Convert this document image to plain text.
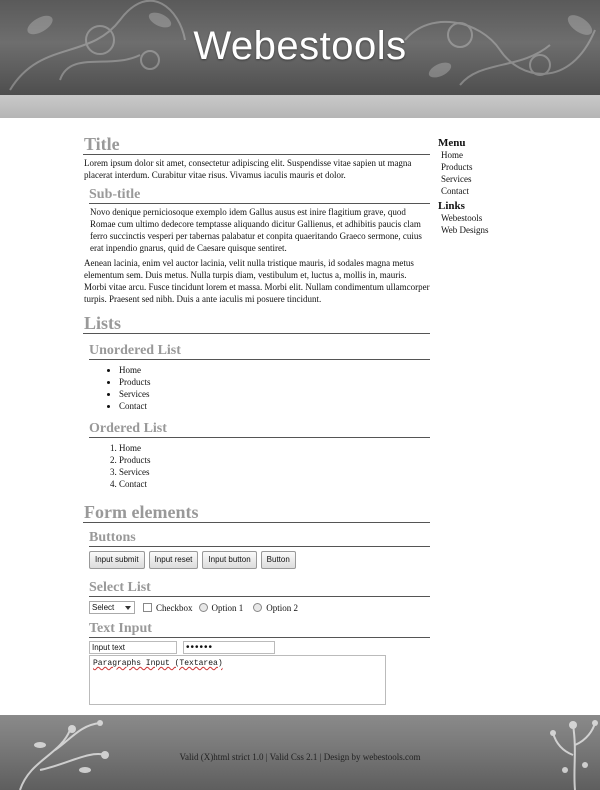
Webestools
Title

Lorem ipsum dolor sit amet, consectetur adipiscing elit. Suspendisse vitae sapien ut magna placerat interdum. Curabitur vitae risus. Vivamus iaculis mauris et dolor.

Sub-title

Novo denique perniciosoque exemplo idem Gallus ausus est inire flagitium grave, quod Romae cum ultimo dedecore temptasse aliquando dicitur Gallienus, et adhibitis paucis clam ferro succinctis vesperi per tabernas palabatur et conpita quaeritando Graeco sermone, cuius erat inpendio gnarus, quid de Caesare quisque sentiret.

Aenean lacinia, enim vel auctor lacinia, velit nulla tristique mauris, id sodales magna metus elementum sem. Duis metus. Nulla turpis diam, vestibulum et, luctus a, mollis in, mauris. Morbi vitae arcu. Fusce tincidunt lorem et massa. Morbi elit. Nullam condimentum ullamcorper turpis. Praesent sed nibh. Duis a ante iaculis mi posuere tincidunt.

Lists
Unordered List
• Home
• Products
• Services
• Contact
Ordered List
1. Home
2. Products
3. Services
4. Contact
Form elements
Buttons
Input submit	Input reset	Input button	Button
Select List
Select	Checkbox Option 1	Option 2
Text Input
Input text	••••••
Paragraphs Input (Textarea)
Menu
Home
Products
Services
Contact
Links
Webestools
Web Designs
Valid (X)html strict 1.0 | Valid Css 2.1 | Design by webestools.com
